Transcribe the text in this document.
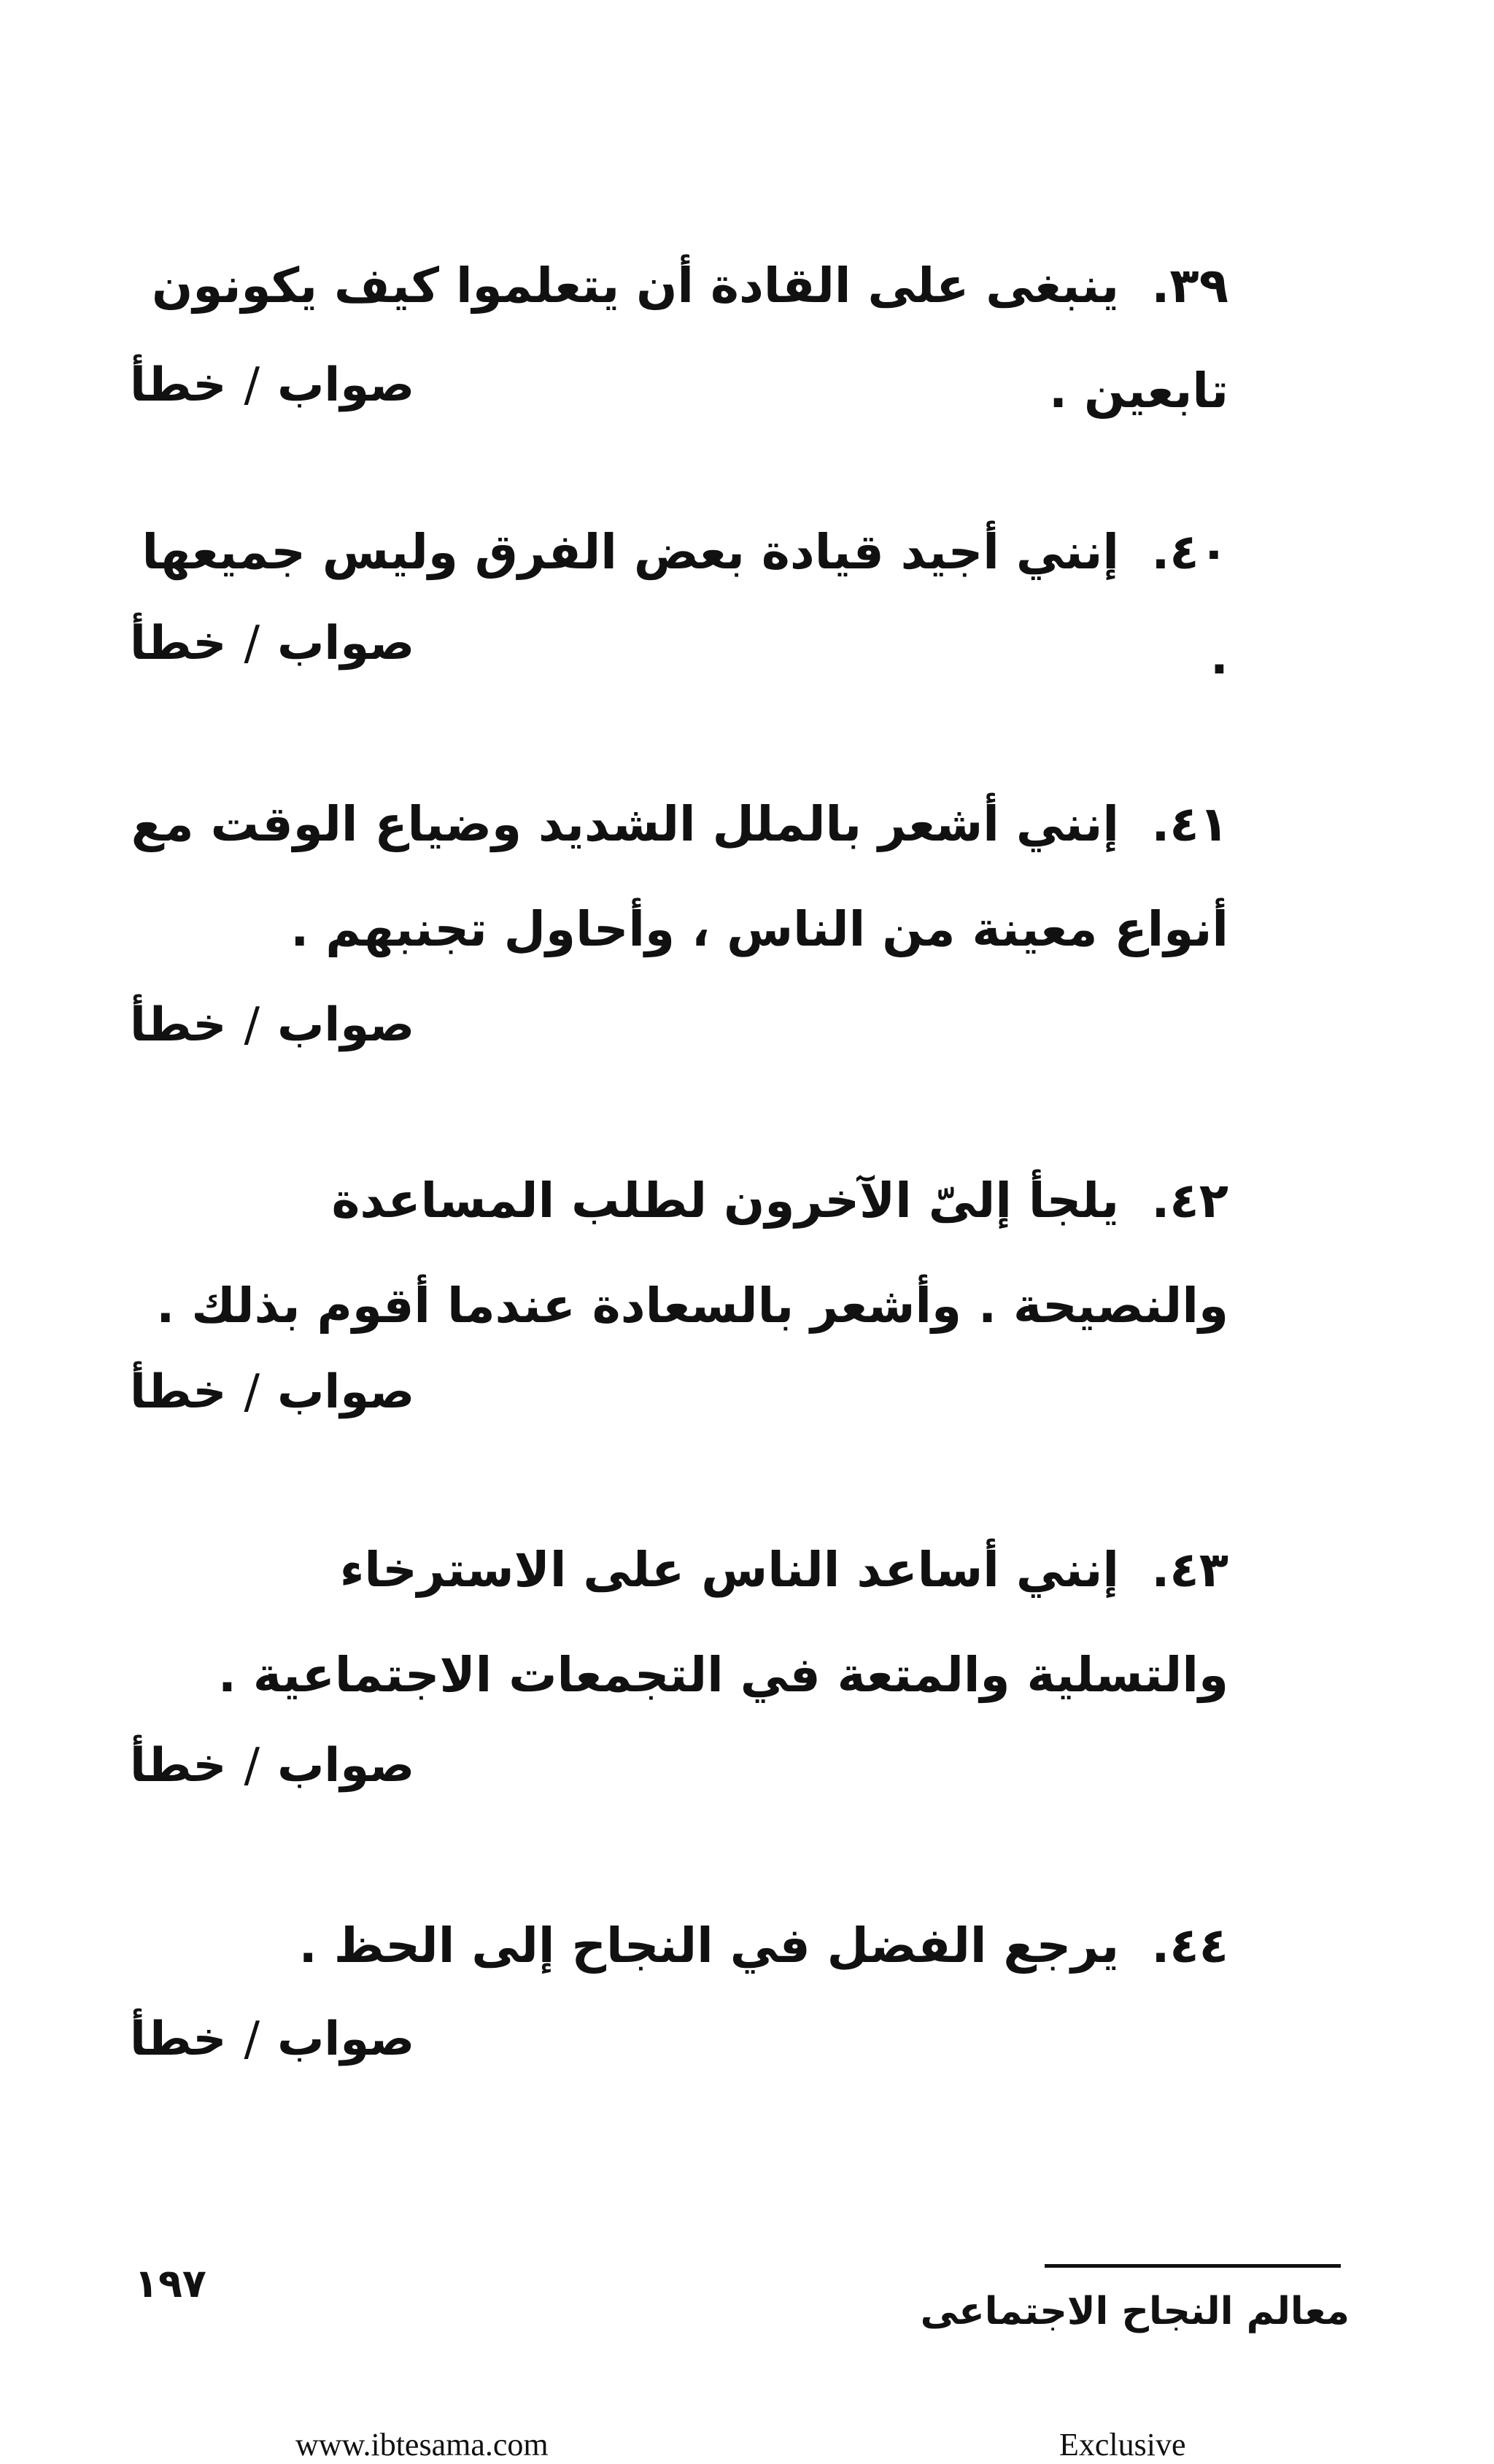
٣٩.ينبغى على القادة أن يتعلموا كيف يكونون تابعين .
صواب/خطأ
٤٠.إنني أجيد قيادة بعض الفرق وليس جميعها .
صواب/خطأ
٤١.إنني أشعر بالملل الشديد وضياع الوقت مع أنواع معينة من الناس ، وأحاول تجنبهم .
صواب/خطأ
٤٢.يلجأ إلىّ الآخرون لطلب المساعدة والنصيحة . وأشعر بالسعادة عندما أقوم بذلك .
صواب/خطأ
٤٣.إنني أساعد الناس على الاسترخاء والتسلية والمتعة في التجمعات الاجتماعية .
صواب/خطأ
٤٤.يرجع الفضل في النجاح إلى الحظ .
صواب/خطأ
معالم النجاح الاجتماعى
١٩٧
www.ibtesama.com	Exclusive
